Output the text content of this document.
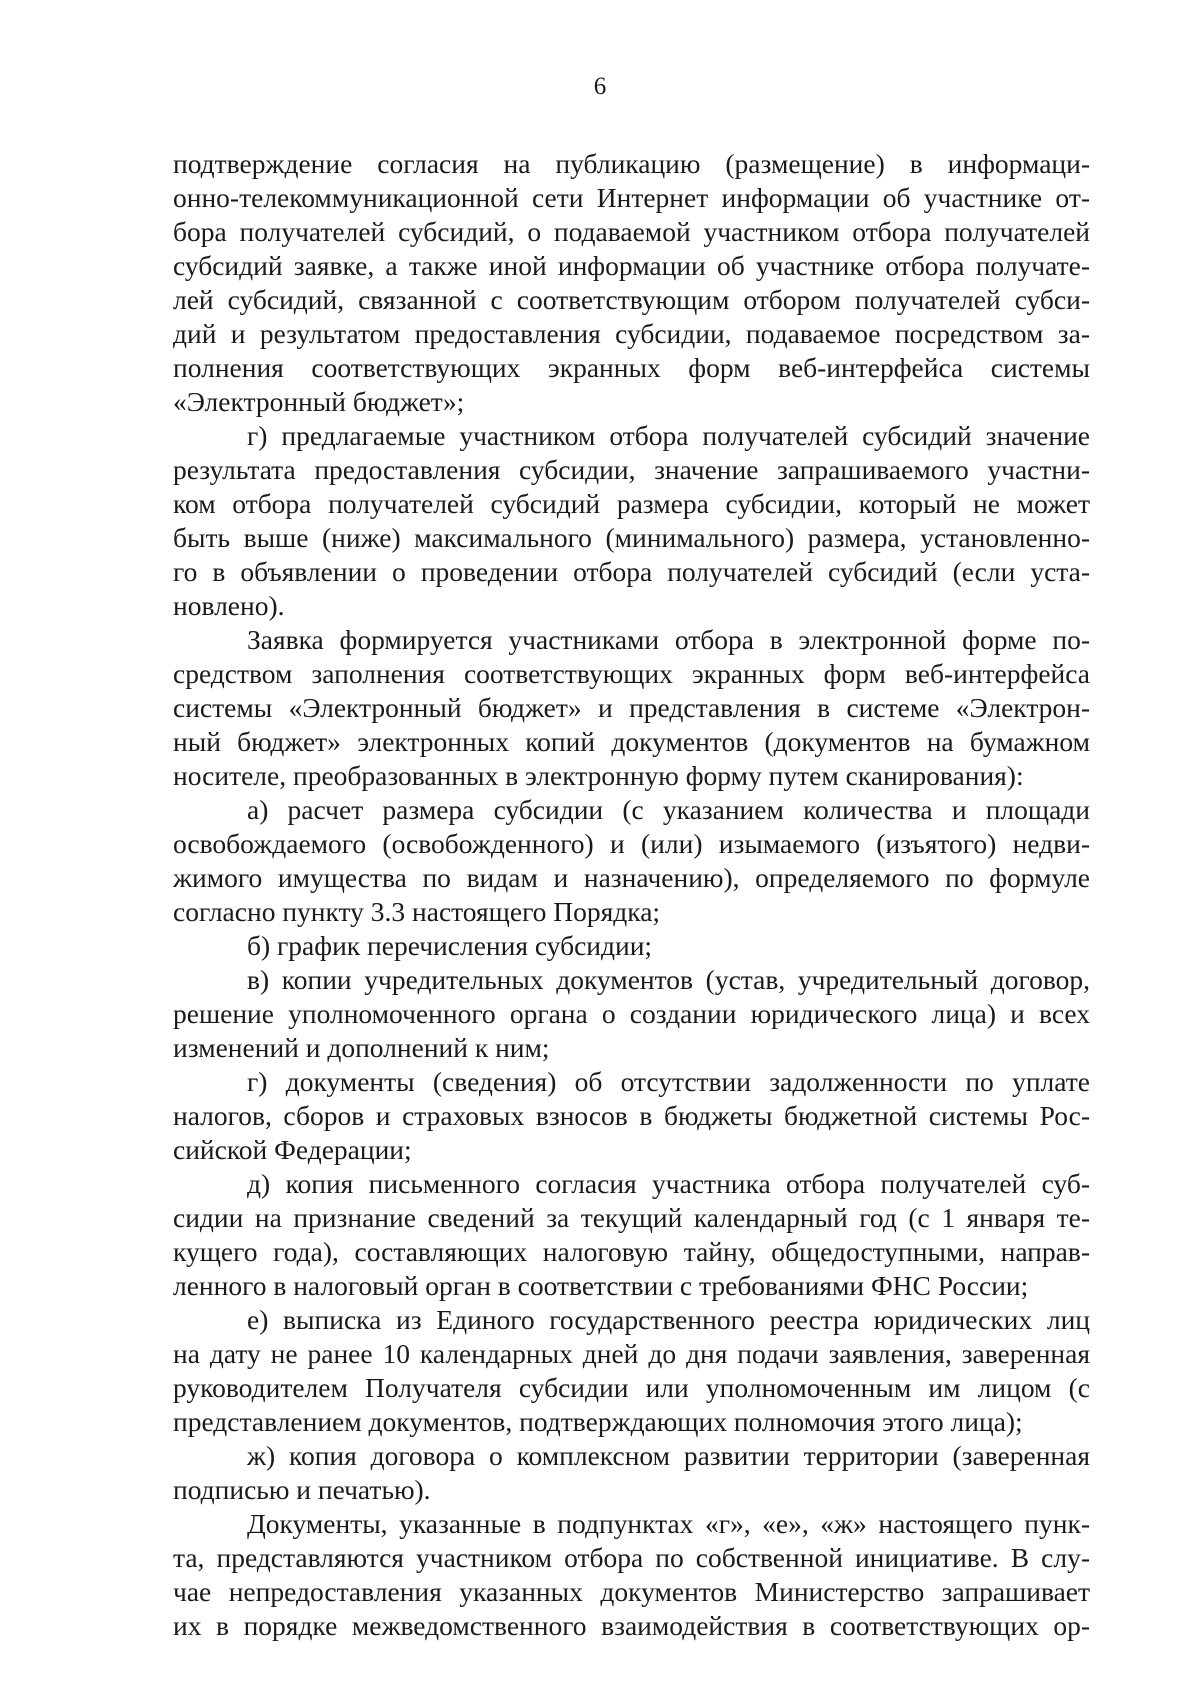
6
подтверждение согласия на публикацию (размещение) в информаци-
онно-телекоммуникационной сети Интернет информации об участнике от-
бора получателей субсидий, о подаваемой участником отбора получателей
субсидий заявке, а также иной информации об участнике отбора получате-
лей субсидий, связанной с соответствующим отбором получателей субси-
дий и результатом предоставления субсидии, подаваемое посредством за-
полнения соответствующих экранных форм веб-интерфейса системы
«Электронный бюджет»;
г) предлагаемые участником отбора получателей субсидий значение
результата предоставления субсидии, значение запрашиваемого участни-
ком отбора получателей субсидий размера субсидии, который не может
быть выше (ниже) максимального (минимального) размера, установленно-
го в объявлении о проведении отбора получателей субсидий (если уста-
новлено).
Заявка формируется участниками отбора в электронной форме по-
средством заполнения соответствующих экранных форм веб-интерфейса
системы «Электронный бюджет» и представления в системе «Электрон-
ный бюджет» электронных копий документов (документов на бумажном
носителе, преобразованных в электронную форму путем сканирования):
а) расчет размера субсидии (с указанием количества и площади
освобождаемого (освобожденного) и (или) изымаемого (изъятого) недви-
жимого имущества по видам и назначению), определяемого по формуле
согласно пункту 3.3 настоящего Порядка;
б) график перечисления субсидии;
в) копии учредительных документов (устав, учредительный договор,
решение уполномоченного органа о создании юридического лица) и всех
изменений и дополнений к ним;
г) документы (сведения) об отсутствии задолженности по уплате
налогов, сборов и страховых взносов в бюджеты бюджетной системы Рос-
сийской Федерации;
д) копия письменного согласия участника отбора получателей суб-
сидии на признание сведений за текущий календарный год (с 1 января те-
кущего года), составляющих налоговую тайну, общедоступными, направ-
ленного в налоговый орган в соответствии с требованиями ФНС России;
е) выписка из Единого государственного реестра юридических лиц
на дату не ранее 10 календарных дней до дня подачи заявления, заверенная
руководителем Получателя субсидии или уполномоченным им лицом (с
представлением документов, подтверждающих полномочия этого лица);
ж) копия договора о комплексном развитии территории (заверенная
подписью и печатью).
Документы, указанные в подпунктах «г», «е», «ж» настоящего пунк-
та, представляются участником отбора по собственной инициативе. В слу-
чае непредоставления указанных документов Министерство запрашивает
их в порядке межведомственного взаимодействия в соответствующих ор-
